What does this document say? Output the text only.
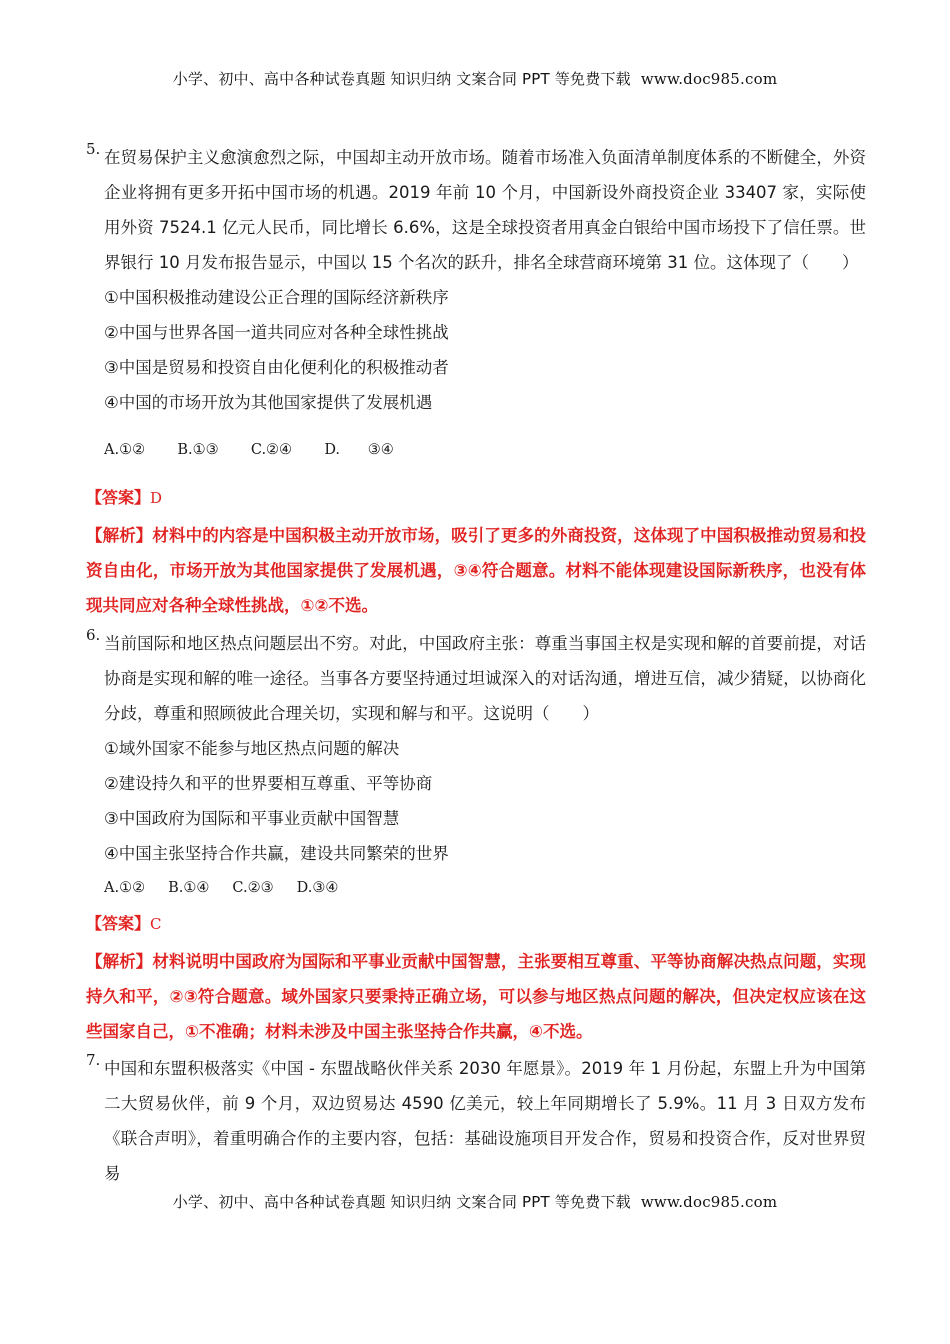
小学、初中、高中各种试卷真题 知识归纳 文案合同 PPT 等免费下载 www.doc985.com
5. 在贸易保护主义愈演愈烈之际，中国却主动开放市场。随着市场准入负面清单制度体系的不断健全，外资企业将拥有更多开拓中国市场的机遇。2019 年前 10 个月，中国新设外商投资企业 33407 家，实际使用外资 7524.1 亿元人民币，同比增长 6.6%，这是全球投资者用真金白银给中国市场投下了信任票。世界银行 10 月发布报告显示，中国以 15 个名次的跃升，排名全球营商环境第 31 位。这体现了（　　）

①中国积极推动建设公正合理的国际经济新秩序

②中国与世界各国一道共同应对各种全球性挑战

③中国是贸易和投资自由化便利化的积极推动者

④中国的市场开放为其他国家提供了发展机遇

A.①②       B.①③       C.②④       D.      ③④

【答案】D

【解析】材料中的内容是中国积极主动开放市场，吸引了更多的外商投资，这体现了中国积极推动贸易和投资自由化，市场开放为其他国家提供了发展机遇，③④符合题意。材料不能体现建设国际新秩序，也没有体现共同应对各种全球性挑战，①②不选。

6. 当前国际和地区热点问题层出不穷。对此，中国政府主张：尊重当事国主权是实现和解的首要前提，对话协商是实现和解的唯一途径。当事各方要坚持通过坦诚深入的对话沟通，增进互信，减少猜疑，以协商化分歧，尊重和照顾彼此合理关切，实现和解与和平。这说明（　　）

①域外国家不能参与地区热点问题的解决

②建设持久和平的世界要相互尊重、平等协商

③中国政府为国际和平事业贡献中国智慧

④中国主张坚持合作共赢，建设共同繁荣的世界

A.①②     B.①④     C.②③     D.③④

【答案】C

【解析】材料说明中国政府为国际和平事业贡献中国智慧，主张要相互尊重、平等协商解决热点问题，实现持久和平，②③符合题意。域外国家只要秉持正确立场，可以参与地区热点问题的解决，但决定权应该在这些国家自己，①不准确；材料未涉及中国主张坚持合作共赢，④不选。

7. 中国和东盟积极落实《中国 - 东盟战略伙伴关系 2030 年愿景》。2019 年 1 月份起，东盟上升为中国第二大贸易伙伴，前 9 个月，双边贸易达 4590 亿美元，较上年同期增长了 5.9%。11 月 3 日双方发布《联合声明》，着重明确合作的主要内容，包括：基础设施项目开发合作，贸易和投资合作，反对世界贸易

小学、初中、高中各种试卷真题 知识归纳 文案合同 PPT 等免费下载 www.doc985.com
